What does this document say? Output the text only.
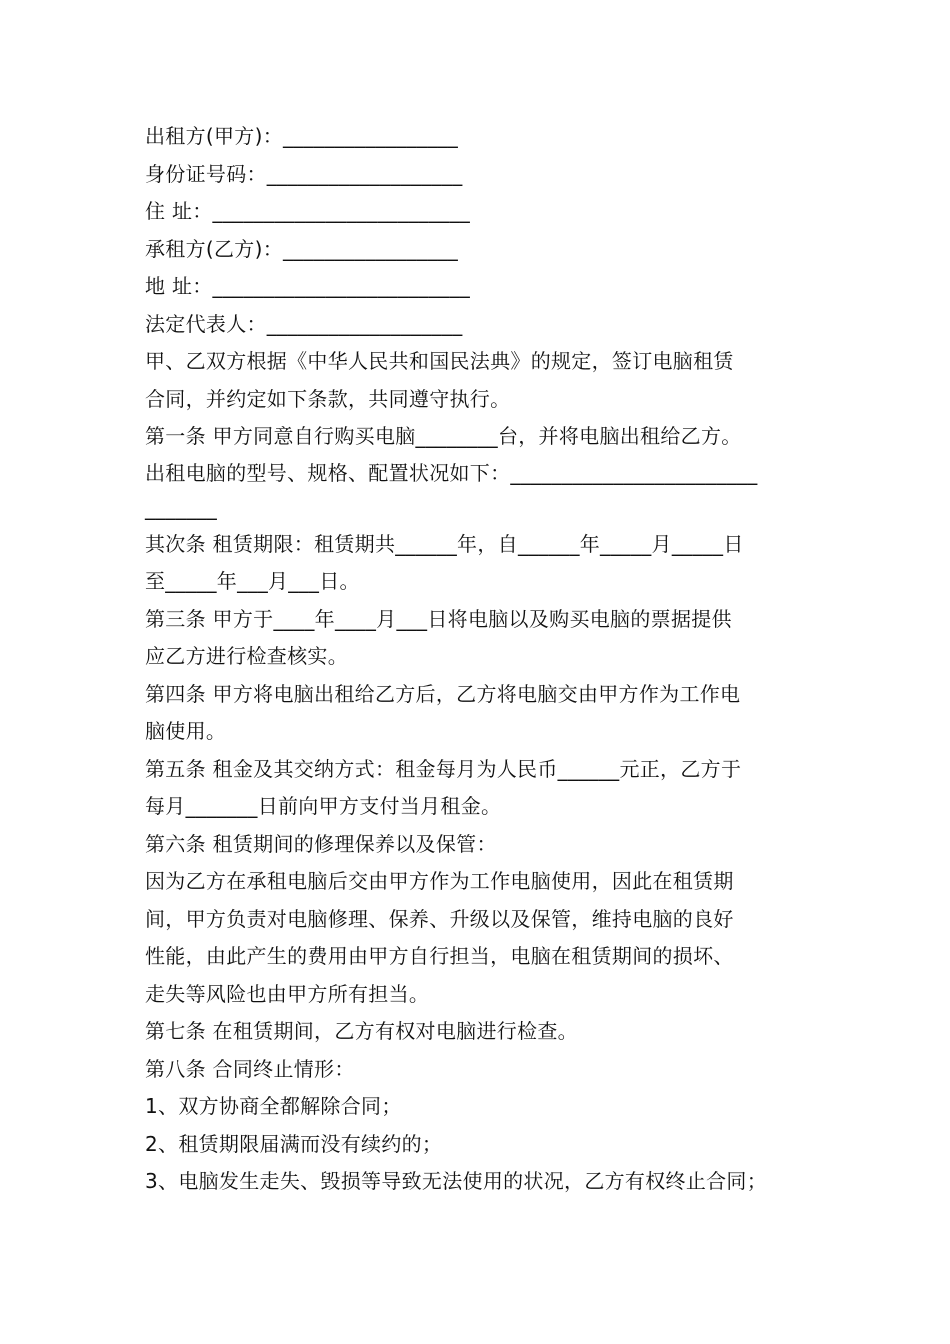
出租方(甲方)：_________________
身份证号码：___________________
住 址：_________________________
承租方(乙方)：_________________
地 址：_________________________
法定代表人：___________________
甲、乙双方根据《中华人民共和国民法典》的规定，签订电脑租赁
合同，并约定如下条款，共同遵守执行。
第一条 甲方同意自行购买电脑________台，并将电脑出租给乙方。
出租电脑的型号、规格、配置状况如下：________________________
_______
其次条 租赁期限：租赁期共______年，自______年_____月_____日
至_____年___月___日。
第三条 甲方于____年____月___日将电脑以及购买电脑的票据提供
应乙方进行检查核实。
第四条 甲方将电脑出租给乙方后，乙方将电脑交由甲方作为工作电
脑使用。
第五条 租金及其交纳方式：租金每月为人民币______元正，乙方于
每月_______日前向甲方支付当月租金。
第六条 租赁期间的修理保养以及保管：
因为乙方在承租电脑后交由甲方作为工作电脑使用，因此在租赁期
间，甲方负责对电脑修理、保养、升级以及保管，维持电脑的良好
性能，由此产生的费用由甲方自行担当，电脑在租赁期间的损坏、
走失等风险也由甲方所有担当。
第七条 在租赁期间，乙方有权对电脑进行检查。
第八条 合同终止情形：
1、双方协商全都解除合同；
2、租赁期限届满而没有续约的；
3、电脑发生走失、毁损等导致无法使用的状况，乙方有权终止合同；
